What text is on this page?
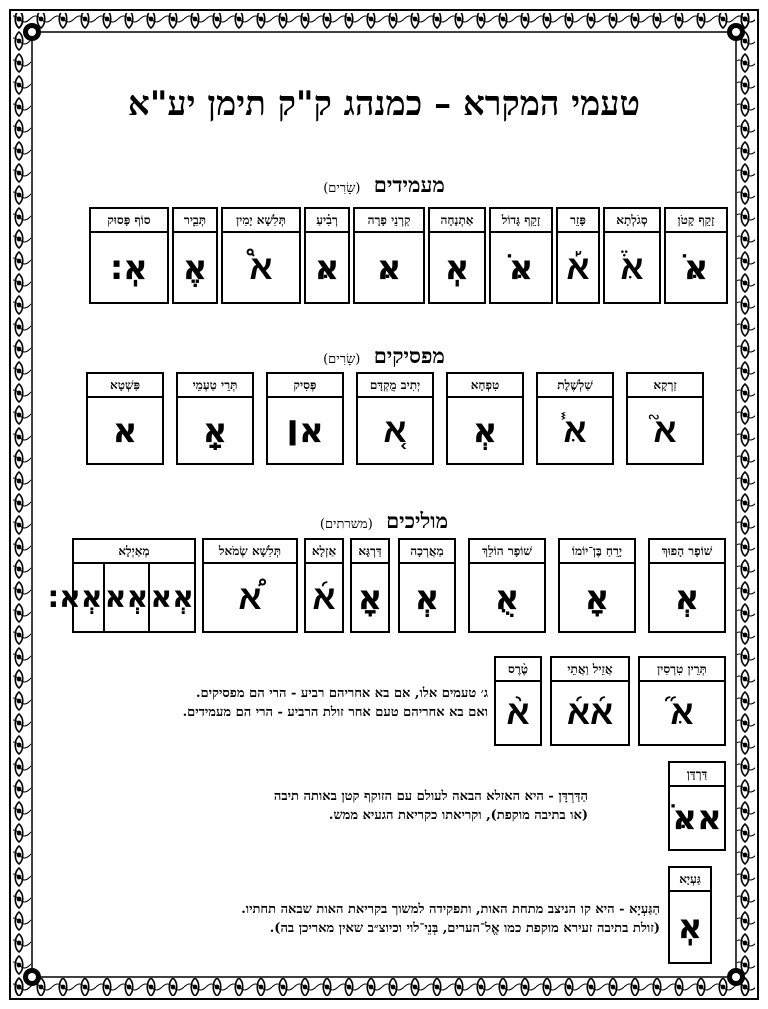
טעמי המקרא – כמנהג ק"ק תימן יע"א
מעמידים (שָׂרִים)
זָקֵף קָטֹן
אֹּ
סְגֹלְתָא
אּ֒
פָּזֵר
א֡
זָקֵף גָּדוֹל
אֺּ
אַתְנָחָה
אֽ
קַרְנֵי פָרָה
אּּ
רְבִ֗יעַ
אּ
תְּלִשָׁא יָמִין
א֩
תְּבִ֛יר
אֶ
סוֹף פָּסוּק
אֽ׃
מפסיקים (שָׂרִים)
זַרְקָא
א֮
שַׁלְשֶׁלֶת
אּ֓
טִפְחָא
אְ
יְתִיב מֻקְדָּם
א֚
פְּסִיק
א׀
תְּרֵי טַעְמֵי
אְַ
פַּשְׁטָא
א
מוליכים (משרתים)
שׁוֹפָר הָפוּךְ
אְ
יָרֵחַ בֶּן־יוֹמוֹ
אָ
שׁוֹפָר הוֹלֵךְ
אֻ
מַאֲרְכָה
אְ
דַּרְגָּא
אָ
אַזְלָא
א֜
תְּלִשָׁא שְׂמֹאל
א֠
מְאַיְלָא
אְא
אְא
אְא׃
תְּרֵין טִרְסִין
אּ֞
אֲזֵיל וַאֲתֵי
א֜א֜
טֶ֨רֶס
א֨
ג׳ טעמים אלו, אם בא אחריהם רביע - הרי הם מפסיקים.
ואם בא אחריהם טעם אחר זולת הרביע - הרי הם מעמידים.
דַּרְדָּן
אאֹּ
הַדַּרְדָּן - היא האזלא הבאה לעולם עם הזוקף קטן באותה תיבה
(או בתיבה מוקפת), וקריאתו כקריאת הגעיא ממש.
גַּעְיָא
אֽ
הַגַּעְיָא - היא קו הניצב מתחת האות, ותפקידה למשוך בקריאת האות שבאה תחתיו.
(זולת בתיבה זעירא מוקפת כמו אֱל־הערים, בְּנֵי־לוי וכיוצ״ב שאין מאריכן בה).
